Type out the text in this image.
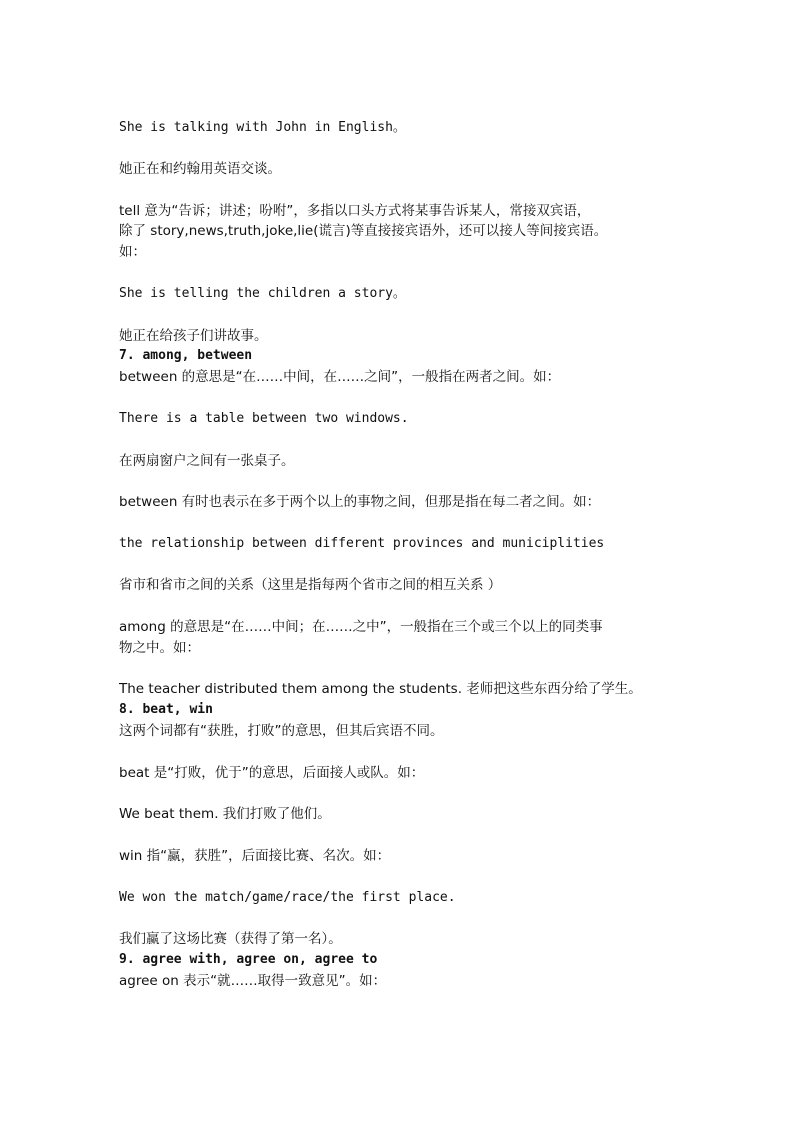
She is talking with John in English。
她正在和约翰用英语交谈。
tell 意为“告诉；讲述；吩咐”，多指以口头方式将某事告诉某人，常接双宾语，
除了 story,news,truth,joke,lie(谎言)等直接接宾语外，还可以接人等间接宾语。
如：
She is telling the children a story。
她正在给孩子们讲故事。
7. among, between
between 的意思是“在……中间，在……之间”，一般指在两者之间。如：
There is a table between two windows.
在两扇窗户之间有一张桌子。
between 有时也表示在多于两个以上的事物之间，但那是指在每二者之间。如：
the relationship between different provinces and municiplities
省市和省市之间的关系（这里是指每两个省市之间的相互关系 ）
among 的意思是“在……中间；在……之中”，一般指在三个或三个以上的同类事
物之中。如：
The teacher distributed them among the students. 老师把这些东西分给了学生。
8. beat, win
这两个词都有“获胜，打败”的意思，但其后宾语不同。
beat 是“打败，优于”的意思，后面接人或队。如：
We beat them. 我们打败了他们。
win 指“赢，获胜”，后面接比赛、名次。如：
We won the match/game/race/the first place.
我们赢了这场比赛（获得了第一名）。
9. agree with, agree on, agree to
agree on 表示“就……取得一致意见”。如：
